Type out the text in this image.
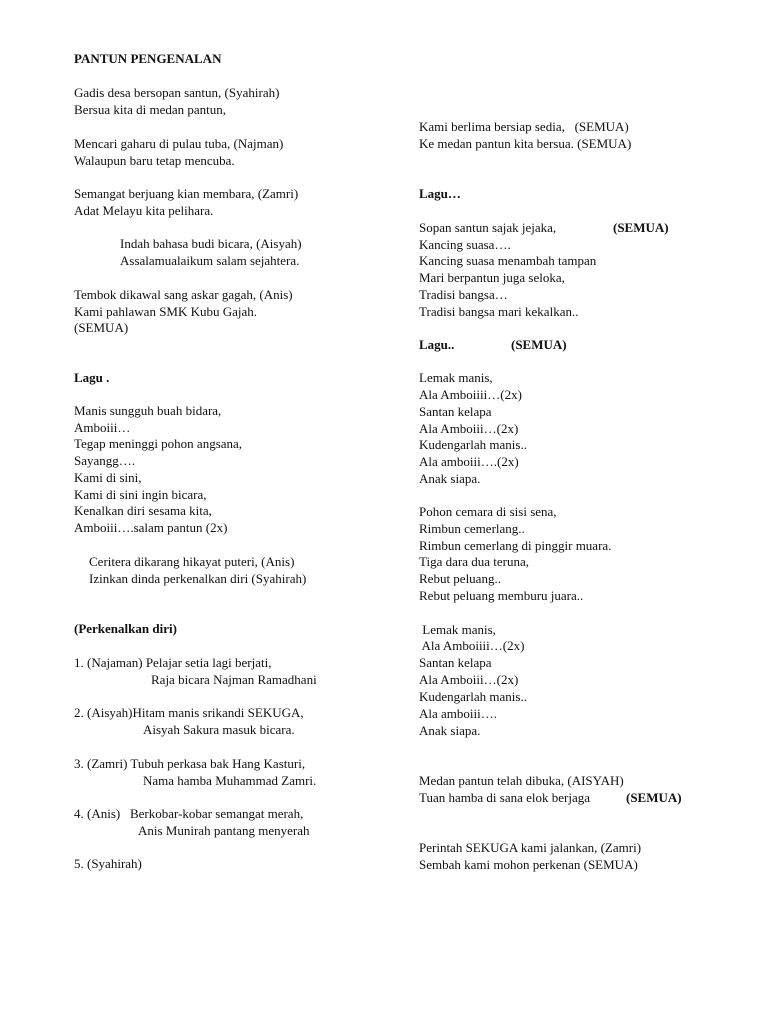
PANTUN PENGENALAN
Gadis desa bersopan santun, (Syahirah)
Bersua kita di medan pantun,
Mencari gaharu di pulau tuba, (Najman)
Walaupun baru tetap mencuba.
Semangat berjuang kian membara, (Zamri)
Adat Melayu kita pelihara.
Indah bahasa budi bicara, (Aisyah)
Assalamualaikum salam sejahtera.
Tembok dikawal sang askar gagah, (Anis)
Kami pahlawan SMK Kubu Gajah.
(SEMUA)
Lagu .
Manis sungguh buah bidara,
Amboiii…
Tegap meninggi pohon angsana,
Sayangg….
Kami di sini,
Kami di sini ingin bicara,
Kenalkan diri sesama kita,
Amboiii….salam pantun (2x)
Ceritera dikarang hikayat puteri, (Anis)
Izinkan dinda perkenalkan diri (Syahirah)
(Perkenalkan diri)
1. (Najaman) Pelajar setia lagi berjati,
Raja bicara Najman Ramadhani
2. (Aisyah)Hitam manis srikandi SEKUGA,
Aisyah Sakura masuk bicara.
3. (Zamri) Tubuh perkasa bak Hang Kasturi,
Nama hamba Muhammad Zamri.
4. (Anis)   Berkobar-kobar semangat merah,
Anis Munirah pantang menyerah
5. (Syahirah)
Kami berlima bersiap sedia,   (SEMUA)
Ke medan pantun kita bersua. (SEMUA)
Lagu…
Sopan santun sajak jejaka,	(SEMUA)
Kancing suasa….
Kancing suasa menambah tampan
Mari berpantun juga seloka,
Tradisi bangsa…
Tradisi bangsa mari kekalkan..
Lagu..	(SEMUA)
Lemak manis,
Ala Amboiiii…(2x)
Santan kelapa
Ala Amboiii…(2x)
Kudengarlah manis..
Ala amboiii….(2x)
Anak siapa.
Pohon cemara di sisi sena,
Rimbun cemerlang..
Rimbun cemerlang di pinggir muara.
Tiga dara dua teruna,
Rebut peluang..
Rebut peluang memburu juara..
Lemak manis,
Ala Amboiiii…(2x)
Santan kelapa
Ala Amboiii…(2x)
Kudengarlah manis..
Ala amboiii….
Anak siapa.
Medan pantun telah dibuka, (AISYAH)
Tuan hamba di sana elok berjaga	(SEMUA)
Perintah SEKUGA kami jalankan, (Zamri)
Sembah kami mohon perkenan (SEMUA)
